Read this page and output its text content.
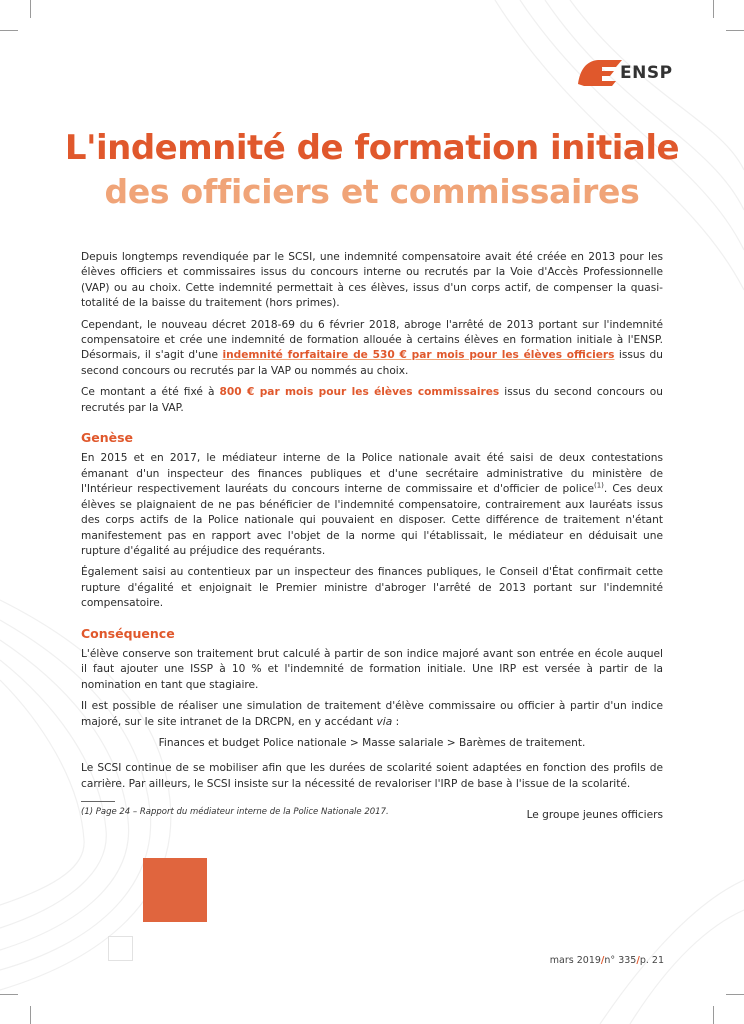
ENSP
L'indemnité de formation initiale
des officiers et commissaires

Depuis longtemps revendiquée par le SCSI, une indemnité compensatoire avait été créée en 2013 pour les élèves officiers et commissaires issus du concours interne ou recrutés par la Voie d'Accès Professionnelle (VAP) ou au choix. Cette indemnité permettait à ces élèves, issus d'un corps actif, de compenser la quasi-totalité de la baisse du traitement (hors primes).

Cependant, le nouveau décret 2018-69 du 6 février 2018, abroge l'arrêté de 2013 portant sur l'indemnité compensatoire et crée une indemnité de formation allouée à certains élèves en formation initiale à l'ENSP. Désormais, il s'agit d'une indemnité forfaitaire de 530 € par mois pour les élèves officiers issus du second concours ou recrutés par la VAP ou nommés au choix.

Ce montant a été fixé à 800 € par mois pour les élèves commissaires issus du second concours ou recrutés par la VAP.

Genèse

En 2015 et en 2017, le médiateur interne de la Police nationale avait été saisi de deux contestations émanant d'un inspecteur des finances publiques et d'une secrétaire administrative du ministère de l'Intérieur respectivement lauréats du concours interne de commissaire et d'officier de police$^{(1)}$. Ces deux élèves se plaignaient de ne pas bénéficier de l'indemnité compensatoire, contrairement aux lauréats issus des corps actifs de la Police nationale qui pouvaient en disposer. Cette différence de traitement n'étant manifestement pas en rapport avec l'objet de la norme qui l'établissait, le médiateur en déduisait une rupture d'égalité au préjudice des requérants.

Également saisi au contentieux par un inspecteur des finances publiques, le Conseil d'État confirmait cette rupture d'égalité et enjoignait le Premier ministre d'abroger l'arrêté de 2013 portant sur l'indemnité compensatoire.

Conséquence

L'élève conserve son traitement brut calculé à partir de son indice majoré avant son entrée en école auquel il faut ajouter une ISSP à 10 % et l'indemnité de formation initiale. Une IRP est versée à partir de la nomination en tant que stagiaire.

Il est possible de réaliser une simulation de traitement d'élève commissaire ou officier à partir d'un indice majoré, sur le site intranet de la DRCPN, en y accédant via :

Finances et budget Police nationale > Masse salariale > Barèmes de traitement.

Le SCSI continue de se mobiliser afin que les durées de scolarité soient adaptées en fonction des profils de carrière. Par ailleurs, le SCSI insiste sur la nécessité de revaloriser l'IRP de base à l'issue de la scolarité.

Le groupe jeunes officiers

(1) Page 24 – Rapport du médiateur interne de la Police Nationale 2017.
mars 2019/n° 335/p. 21
